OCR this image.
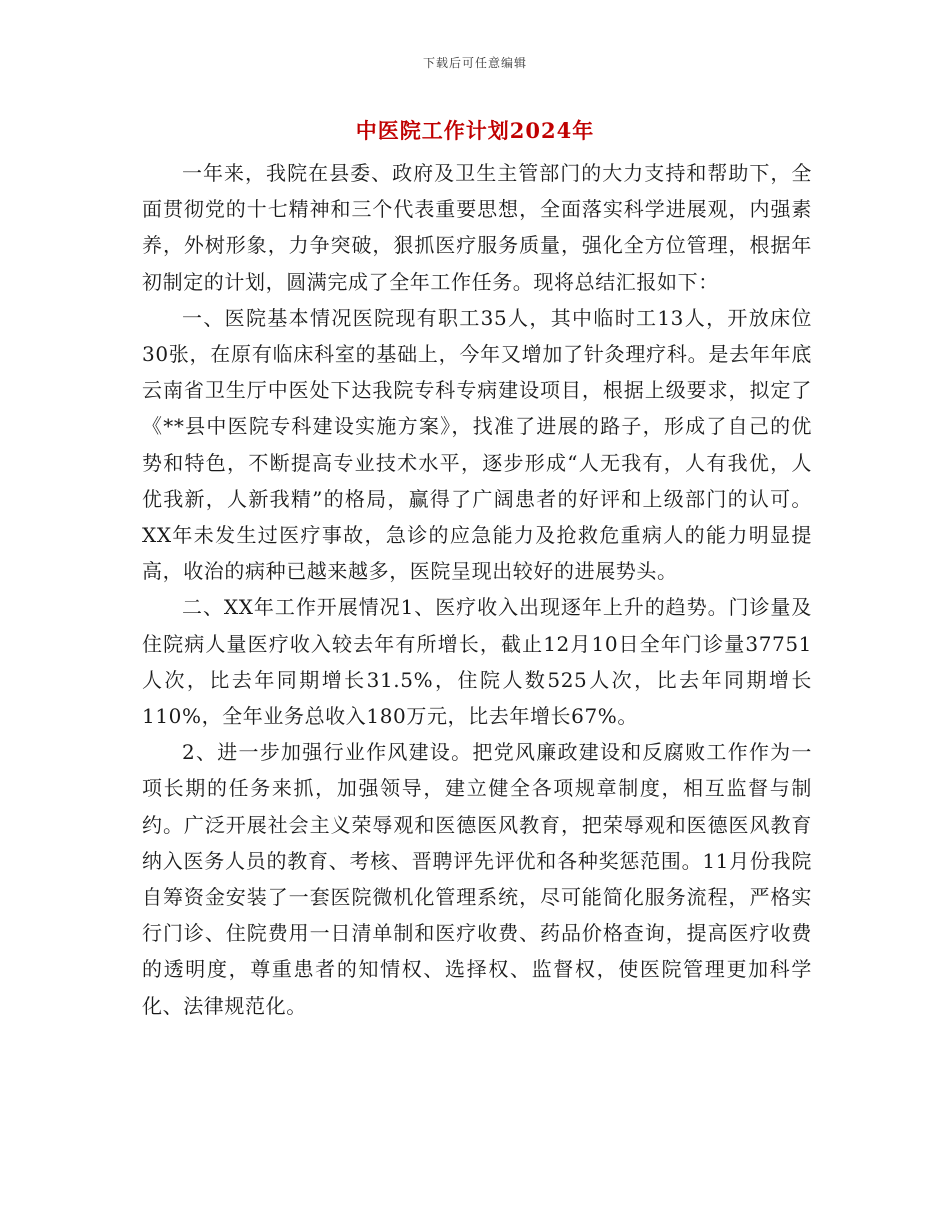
下载后可任意编辑
中医院工作计划2024年

一年来，我院在县委、政府及卫生主管部门的大力支持和帮助下，全面贯彻党的十七精神和三个代表重要思想，全面落实科学进展观，内强素养，外树形象，力争突破，狠抓医疗服务质量，强化全方位管理，根据年初制定的计划，圆满完成了全年工作任务。现将总结汇报如下：

一、医院基本情况医院现有职工35人，其中临时工13人，开放床位30张，在原有临床科室的基础上，今年又增加了针灸理疗科。是去年年底云南省卫生厅中医处下达我院专科专病建设项目，根据上级要求，拟定了《**县中医院专科建设实施方案》，找准了进展的路子，形成了自己的优势和特色，不断提高专业技术水平，逐步形成“人无我有，人有我优，人优我新，人新我精”的格局，赢得了广阔患者的好评和上级部门的认可。XX年未发生过医疗事故，急诊的应急能力及抢救危重病人的能力明显提高，收治的病种已越来越多，医院呈现出较好的进展势头。

二、XX年工作开展情况1、医疗收入出现逐年上升的趋势。门诊量及住院病人量医疗收入较去年有所增长，截止12月10日全年门诊量37751人次，比去年同期增长31.5%，住院人数525人次，比去年同期增长110%，全年业务总收入180万元，比去年增长67%。

2、进一步加强行业作风建设。把党风廉政建设和反腐败工作作为一项长期的任务来抓，加强领导，建立健全各项规章制度，相互监督与制约。广泛开展社会主义荣辱观和医德医风教育，把荣辱观和医德医风教育纳入医务人员的教育、考核、晋聘评先评优和各种奖惩范围。11月份我院自筹资金安装了一套医院微机化管理系统，尽可能简化服务流程，严格实行门诊、住院费用一日清单制和医疗收费、药品价格查询，提高医疗收费的透明度，尊重患者的知情权、选择权、监督权，使医院管理更加科学化、法律规范化。
